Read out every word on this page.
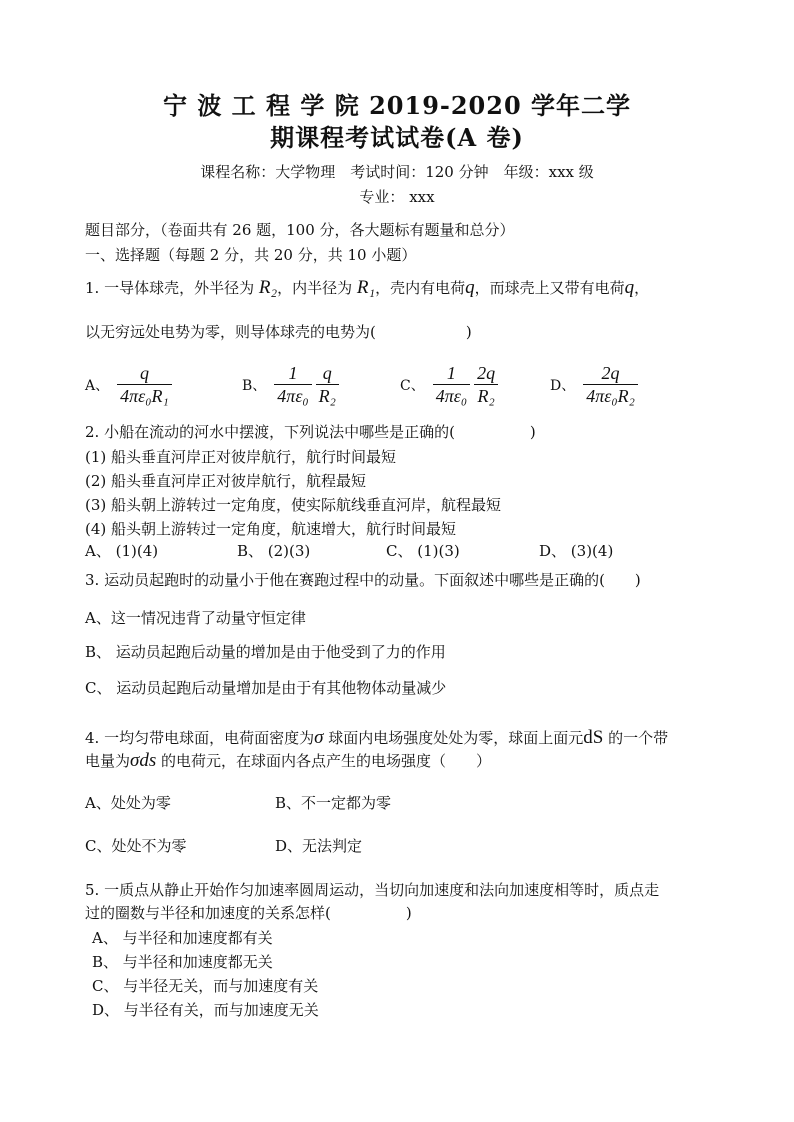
宁 波 工 程 学 院 2019-2020 学年二学
期课程考试试卷(A 卷)
课程名称：大学物理　考试时间：120 分钟　年级：xxx 级
专业： xxx
题目部分，（卷面共有 26 题，100 分，各大题标有题量和总分）
一、选择题（每题 2 分，共 20 分，共 10 小题）
1. 一导体球壳，外半径为 R₂，内半径为 R₁，壳内有电荷q，而球壳上又带有电荷q，
以无穷远处电势为零，则导体球壳的电势为(　　　　　　)
A、 $\frac{q}{\text{4πε₀R₁}}$	B、 $\frac{1}{\text{4πε₀}} \frac{q}{\text{R₂}}$	C、 $\frac{1}{\text{4πε₀}} \frac{2q}{\text{R₂}}$	D、 $\frac{2q}{\text{4πε₀R₂}}$
2. 小船在流动的河水中摆渡，下列说法中哪些是正确的(　　　　　)
(1) 船头垂直河岸正对彼岸航行，航行时间最短
(2) 船头垂直河岸正对彼岸航行，航程最短
(3) 船头朝上游转过一定角度，使实际航线垂直河岸，航程最短
(4) 船头朝上游转过一定角度，航速增大，航行时间最短
A、 (1)(4)	B、 (2)(3)	C、 (1)(3)	D、 (3)(4)
3. 运动员起跑时的动量小于他在赛跑过程中的动量。下面叙述中哪些是正确的(　　)
A、这一情况违背了动量守恒定律
B、 运动员起跑后动量的增加是由于他受到了力的作用
C、 运动员起跑后动量增加是由于有其他物体动量减少
4. 一均匀带电球面，电荷面密度为σ 球面内电场强度处处为零，球面上面元dS 的一个带
电量为σds 的电荷元，在球面内各点产生的电场强度（　　）
A、处处为零	B、不一定都为零
C、处处不为零	D、无法判定
5. 一质点从静止开始作匀加速率圆周运动，当切向加速度和法向加速度相等时，质点走
过的圈数与半径和加速度的关系怎样(　　　　　)
A、 与半径和加速度都有关
B、 与半径和加速度都无关
C、 与半径无关，而与加速度有关
D、 与半径有关，而与加速度无关
